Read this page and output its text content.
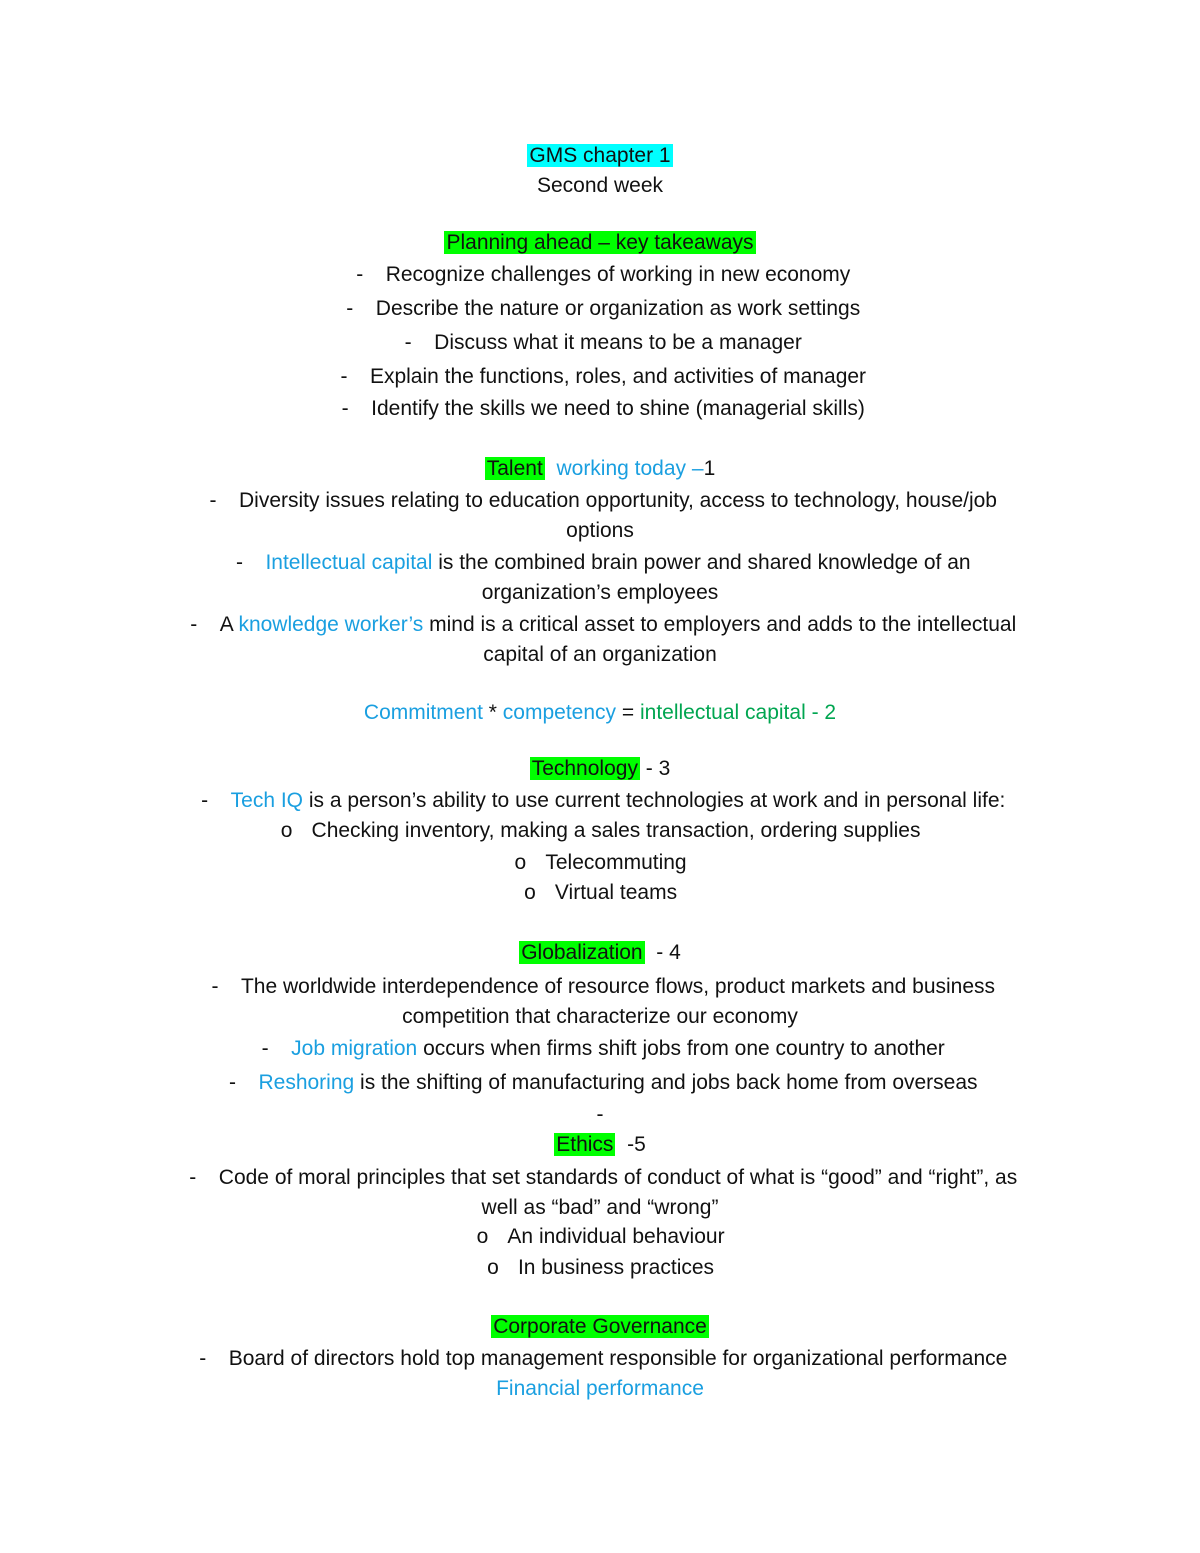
GMS chapter 1
Second week
Planning ahead – key takeaways
- Recognize challenges of working in new economy
- Describe the nature or organization as work settings
- Discuss what it means to be a manager
- Explain the functions, roles, and activities of manager
- Identify the skills we need to shine (managerial skills)
Talent working today –1
- Diversity issues relating to education opportunity, access to technology, house/job
options
- Intellectual capital is the combined brain power and shared knowledge of an
organization’s employees
- A knowledge worker’s mind is a critical asset to employers and adds to the intellectual
capital of an organization
Commitment * competency = intellectual capital - 2
Technology - 3
- Tech IQ is a person’s ability to use current technologies at work and in personal life:
o Checking inventory, making a sales transaction, ordering supplies
o Telecommuting
o Virtual teams
Globalization  - 4
- The worldwide interdependence of resource flows, product markets and business
competition that characterize our economy
- Job migration occurs when firms shift jobs from one country to another
- Reshoring is the shifting of manufacturing and jobs back home from overseas
-
Ethics  -5
- Code of moral principles that set standards of conduct of what is “good” and “right”, as
well as “bad” and “wrong”
o An individual behaviour
o In business practices
Corporate Governance
- Board of directors hold top management responsible for organizational performance
Financial performance
